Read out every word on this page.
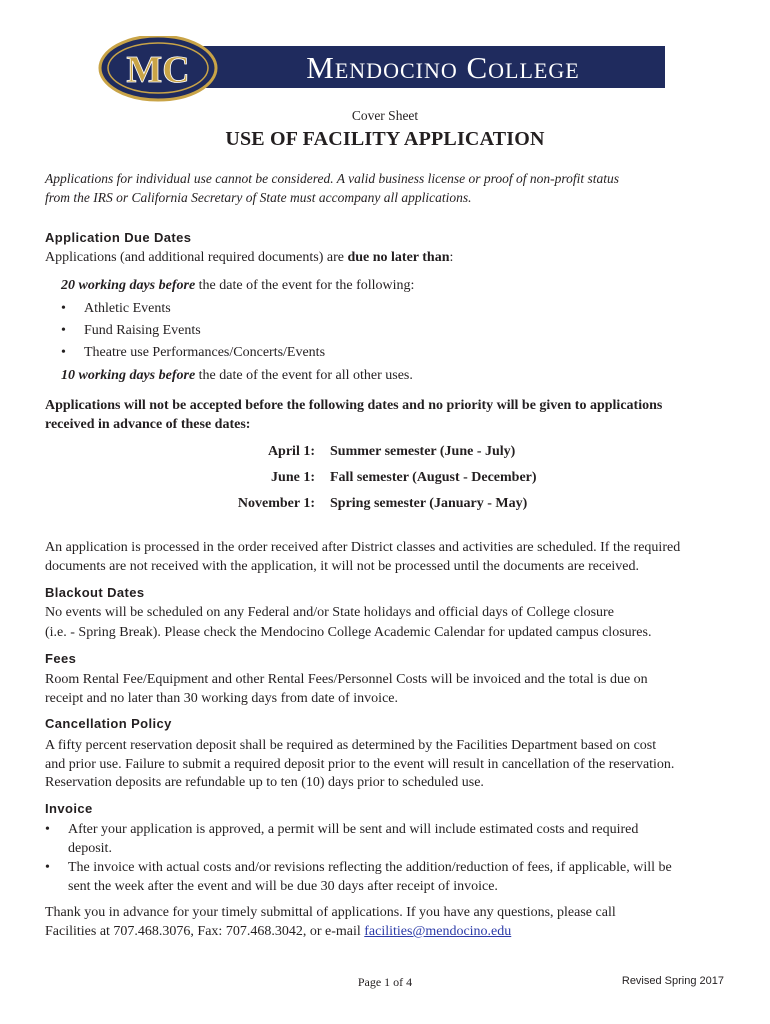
MC	Mendocino College
Cover Sheet
USE OF FACILITY APPLICATION
Applications for individual use cannot be considered. A valid business license or proof of non-profit status
from the IRS or California Secretary of State must accompany all applications.
Application Due Dates
Applications (and additional required documents) are due no later than:
20 working days before the date of the event for the following:
• Athletic Events
• Fund Raising Events
• Theatre use Performances/Concerts/Events
10 working days before the date of the event for all other uses.
Applications will not be accepted before the following dates and no priority will be given to applications
received in advance of these dates:
April 1: Summer semester (June - July)
June 1: Fall semester (August - December)
November 1: Spring semester (January - May)
An application is processed in the order received after District classes and activities are scheduled. If the required
documents are not received with the application, it will not be processed until the documents are received.
Blackout Dates
No events will be scheduled on any Federal and/or State holidays and official days of College closure
(i.e. - Spring Break). Please check the Mendocino College Academic Calendar for updated campus closures.
Fees
Room Rental Fee/Equipment and other Rental Fees/Personnel Costs will be invoiced and the total is due on
receipt and no later than 30 working days from date of invoice.
Cancellation Policy
A fifty percent reservation deposit shall be required as determined by the Facilities Department based on cost
and prior use. Failure to submit a required deposit prior to the event will result in cancellation of the reservation.
Reservation deposits are refundable up to ten (10) days prior to scheduled use.
Invoice
• After your application is approved, a permit will be sent and will include estimated costs and required
deposit.
• The invoice with actual costs and/or revisions reflecting the addition/reduction of fees, if applicable, will be
sent the week after the event and will be due 30 days after receipt of invoice.
Thank you in advance for your timely submittal of applications. If you have any questions, please call
Facilities at 707.468.3076, Fax: 707.468.3042, or e-mail facilities@mendocino.edu
Page 1 of 4	Revised Spring 2017
